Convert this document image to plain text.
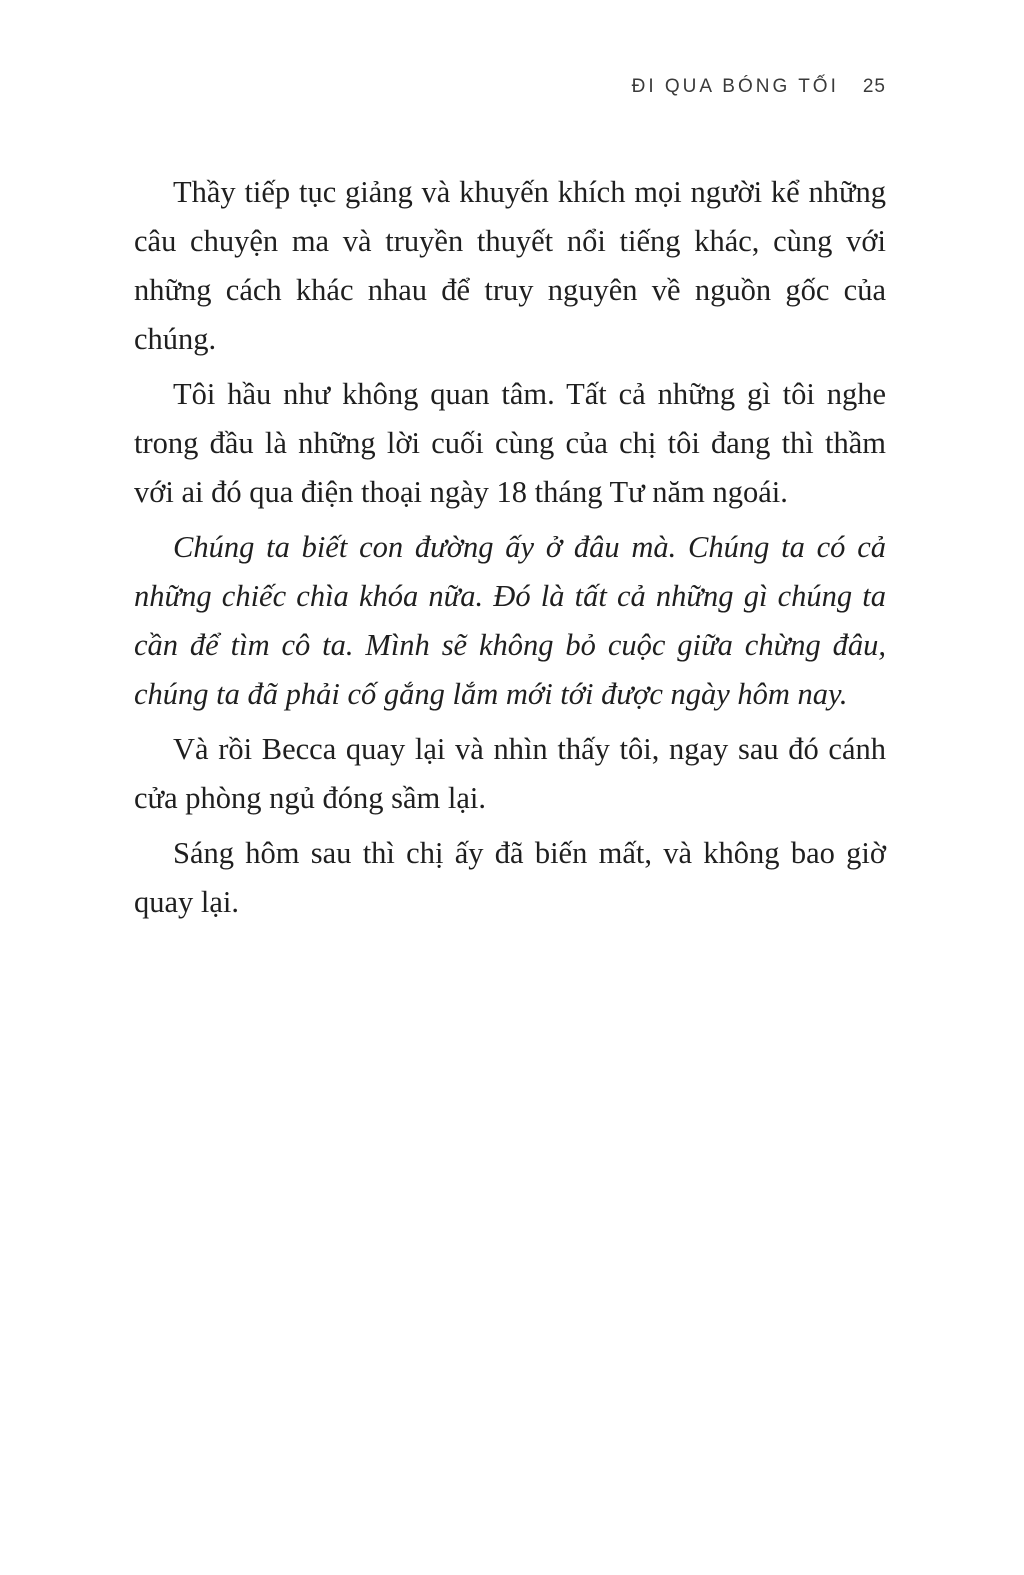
ĐI QUA BÓNG TỐI 25

Thầy tiếp tục giảng và khuyến khích mọi người kể những câu chuyện ma và truyền thuyết nổi tiếng khác, cùng với những cách khác nhau để truy nguyên về nguồn gốc của chúng.

Tôi hầu như không quan tâm. Tất cả những gì tôi nghe trong đầu là những lời cuối cùng của chị tôi đang thì thầm với ai đó qua điện thoại ngày 18 tháng Tư năm ngoái.

Chúng ta biết con đường ấy ở đâu mà. Chúng ta có cả những chiếc chìa khóa nữa. Đó là tất cả những gì chúng ta cần để tìm cô ta. Mình sẽ không bỏ cuộc giữa chừng đâu, chúng ta đã phải cố gắng lắm mới tới được ngày hôm nay.

Và rồi Becca quay lại và nhìn thấy tôi, ngay sau đó cánh cửa phòng ngủ đóng sầm lại.

Sáng hôm sau thì chị ấy đã biến mất, và không bao giờ quay lại.
